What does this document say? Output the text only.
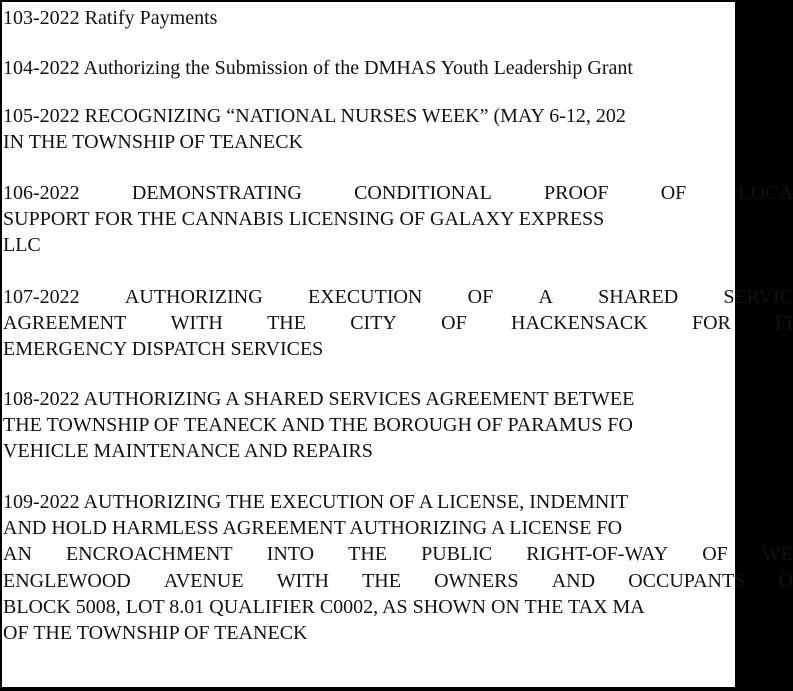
103-2022 Ratify Payments
104-2022 Authorizing the Submission of the DMHAS Youth Leadership Grant
105-2022 RECOGNIZING “NATIONAL NURSES WEEK” (MAY 6-12, 202
IN THE TOWNSHIP OF TEANECK
106-2022	DEMONSTRATING	CONDITIONAL	PROOF	OF	LOCA
SUPPORT FOR THE CANNABIS LICENSING OF GALAXY EXPRESS
LLC
107-2022 AUTHORIZING EXECUTION OF A SHARED SERVIC
AGREEMENT WITH THE CITY OF HACKENSACK FOR FI
EMERGENCY DISPATCH SERVICES
108-2022 AUTHORIZING A SHARED SERVICES AGREEMENT BETWEE
THE TOWNSHIP OF TEANECK AND THE BOROUGH OF PARAMUS FO
VEHICLE MAINTENANCE AND REPAIRS
109-2022 AUTHORIZING THE EXECUTION OF A LICENSE, INDEMNIT
AND HOLD HARMLESS AGREEMENT AUTHORIZING A LICENSE FO
AN ENCROACHMENT INTO THE PUBLIC RIGHT-OF-WAY OF WE
ENGLEWOOD AVENUE WITH THE OWNERS AND OCCUPANTS O
BLOCK 5008, LOT 8.01 QUALIFIER C0002, AS SHOWN ON THE TAX MA
OF THE TOWNSHIP OF TEANECK
